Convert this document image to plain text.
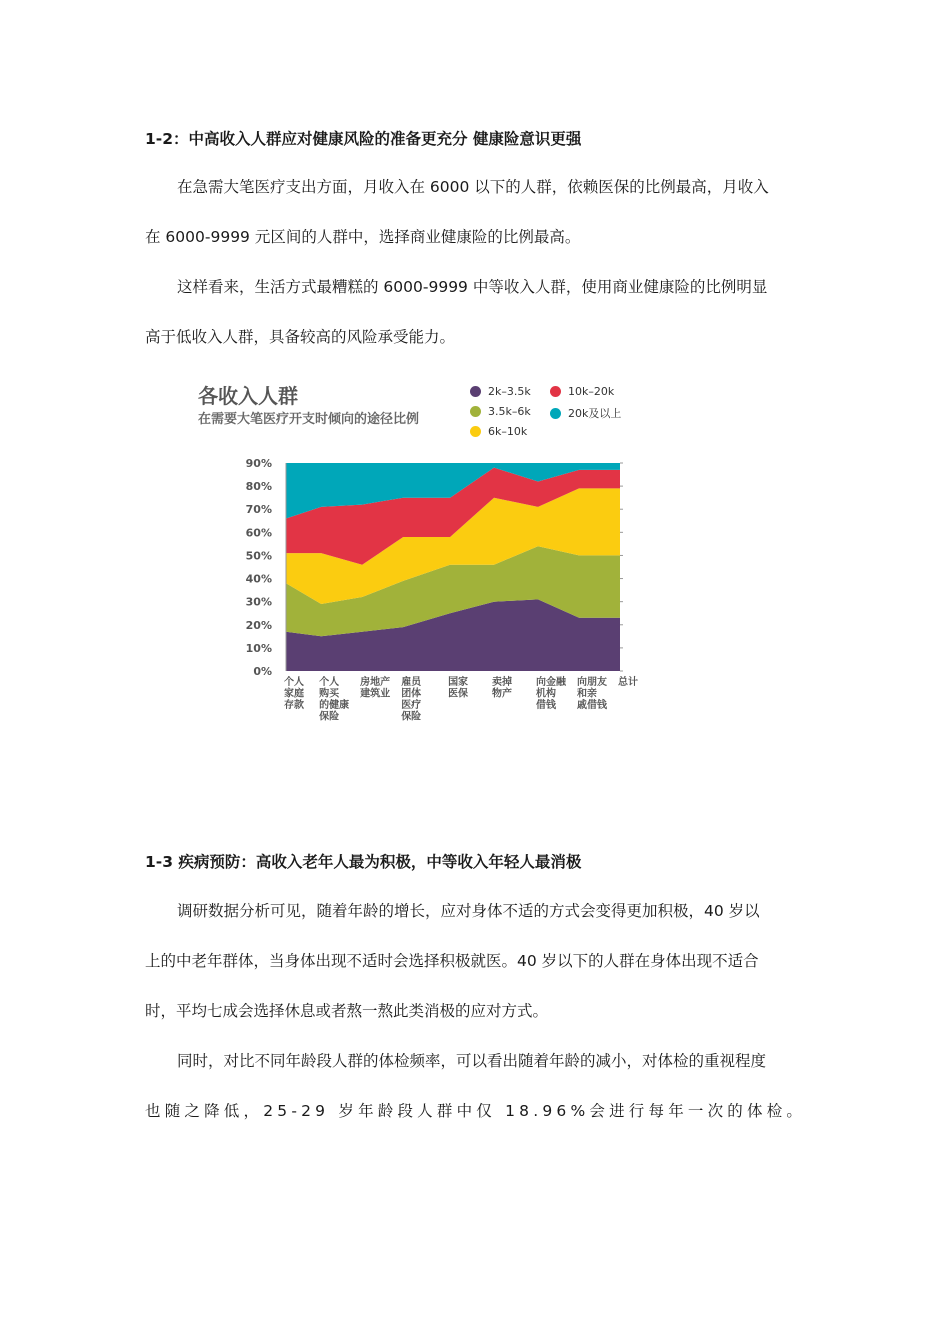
1-2：中高收入人群应对健康风险的准备更充分 健康险意识更强

在急需大笔医疗支出方面，月收入在 6000 以下的人群，依赖医保的比例最高，月收入

在 6000-9999 元区间的人群中，选择商业健康险的比例最高。

这样看来，生活方式最糟糕的 6000-9999 中等收入人群，使用商业健康险的比例明显

高于低收入人群，具备较高的风险承受能力。

各收入人群

在需要大笔医疗开支时倾向的途径比例

2k–3.5k	10k–20k
3.5k–6k	20k及以上
6k–10k
0%
10%
20%
30%
40%
50%
60%
70%
80%
90%
个人家庭存款
个人购买的健康保险
房地产建筑业
雇员团体医疗保险
国家医保
卖掉物产
向金融机构借钱
向朋友和亲戚借钱
总计
1-3 疾病预防：高收入老年人最为积极，中等收入年轻人最消极

调研数据分析可见，随着年龄的增长，应对身体不适的方式会变得更加积极，40 岁以

上的中老年群体，当身体出现不适时会选择积极就医。40 岁以下的人群在身体出现不适合

时，平均七成会选择休息或者熬一熬此类消极的应对方式。

同时，对比不同年龄段人群的体检频率，可以看出随着年龄的减小，对体检的重视程度

也随之降低，25-29 岁年龄段人群中仅 18.96%会进行每年一次的体检。
